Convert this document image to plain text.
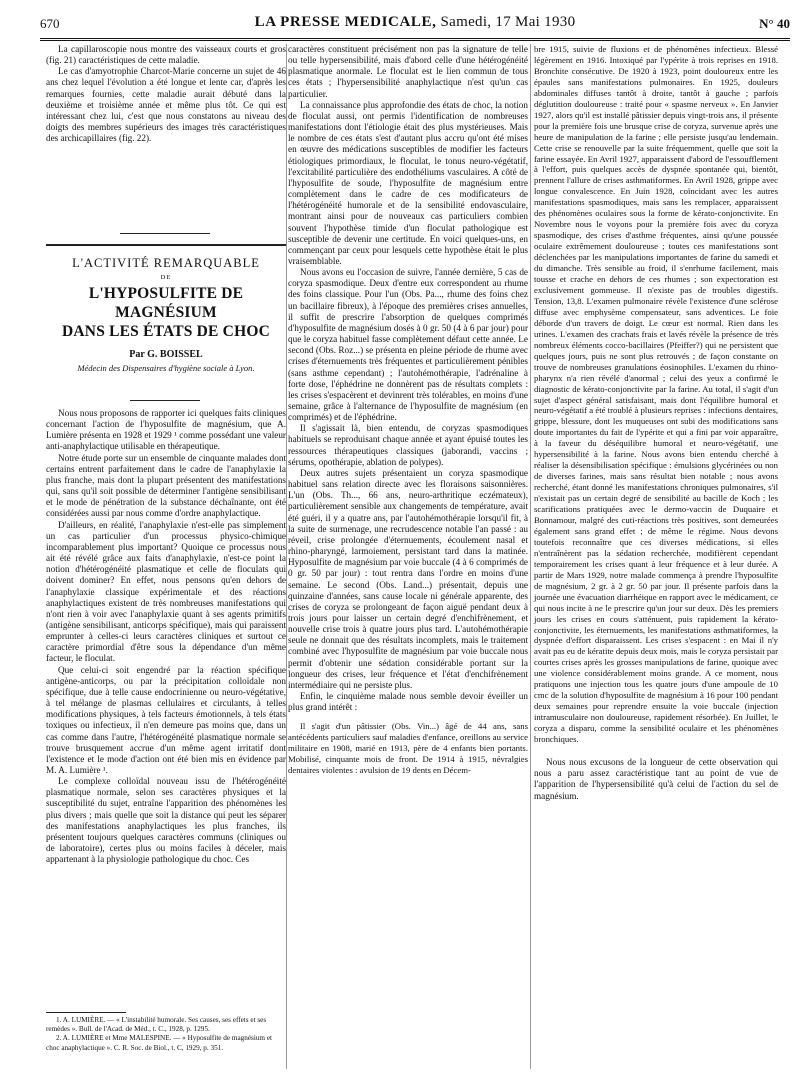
670	LA PRESSE MEDICALE, Samedi, 17 Mai 1930	N° 40

La capillaroscopie nous montre des vaisseaux courts et gros (fig. 21) caractéristiques de cette maladie.

Le cas d'amyotrophie Charcot-Marie concerne un sujet de 46 ans chez lequel l'évolution a été longue et lente car, d'après les remarques fournies, cette maladie aurait débuté dans la deuxième et troisième année et même plus tôt. Ce qui est intéressant chez lui, c'est que nous constatons au niveau des doigts des membres supérieurs des images très caractéristiques des archicapillaires (fig. 22).

L'ACTIVITÉ REMARQUABLE
DE
L'HYPOSULFITE DE MAGNÉSIUM
DANS LES ÉTATS DE CHOC
Par G. BOISSEL
Médecin des Dispensaires d'hygiène sociale à Lyon.

Nous nous proposons de rapporter ici quelques faits cliniques concernant l'action de l'hyposulfite de magnésium, que A. Lumière présenta en 1928 et 1929 ¹ comme possédant une valeur anti-anaphylactique utilisable en thérapeutique.

Notre étude porte sur un ensemble de cinquante malades dont certains entrent parfaitement dans le cadre de l'anaphylaxie la plus franche, mais dont la plupart présentent des manifestations qui, sans qu'il soit possible de déterminer l'antigène sensibilisant et le mode de pénétration de la substance déchaînante, ont été considérées aussi par nous comme d'ordre anaphylactique.

D'ailleurs, en réalité, l'anaphylaxie n'est-elle pas simplement un cas particulier d'un processus physico-chimique incomparablement plus important? Quoique ce processus nous ait été révélé grâce aux faits d'anaphylaxie, n'est-ce point la notion d'hétérogénéité plasmatique et celle de floculats qui doivent dominer? En effet, nous pensons qu'en dehors de l'anaphylaxie classique expérimentale et des réactions anaphylactiques existent de très nombreuses manifestations qui n'ont rien à voir avec l'anaphylaxie quant à ses agents primitifs (antigène sensibilisant, anticorps spécifique), mais qui paraissent emprunter à celles-ci leurs caractères cliniques et surtout ce caractère primordial d'être sous la dépendance d'un même facteur, le floculat.

Que celui-ci soit engendré par la réaction spécifique antigène-anticorps, ou par la précipitation colloïdale non spécifique, due à telle cause endocrinienne ou neuro-végétative, à tel mélange de plasmas cellulaires et circulants, à telles modifications physiques, à tels facteurs émotionnels, à tels états toxiques ou infectieux, il n'en demeure pas moins que, dans un cas comme dans l'autre, l'hétérogénéité plasmatique normale se trouve brusquement accrue d'un même agent irritatif dont l'existence et le mode d'action ont été bien mis en évidence par M. A. Lumière ¹.

Le complexe colloïdal nouveau issu de l'hétérogénéité plasmatique normale, selon ses caractères physiques et la susceptibilité du sujet, entraîne l'apparition des phénomènes les plus divers ; mais quelle que soit la distance qui peut les séparer des manifestations anaphylactiques les plus franches, ils présentent toujours quelques caractères communs (cliniques ou de laboratoire), certes plus ou moins faciles à déceler, mais appartenant à la physiologie pathologique du choc. Ces

1. A. LUMIÈRE. — « L'instabilité humorale. Ses causes, ses effets et ses remèdes ». Bull. de l'Acad. de Méd., t. C., 1928, p. 1295.

2. A. LUMIÈRE et Mme MALESPINE. — « Hyposulfite de magnésium et choc anaphylactique ». C. R. Soc. de Biol., t. C, 1929, p. 351.

caractères constituent précisément non pas la signature de telle ou telle hypersensibilité, mais d'abord celle d'une hétérogénéité plasmatique anormale. Le floculat est le lien commun de tous ces états ; l'hypersensibilité anaphylactique n'est qu'un cas particulier.

La connaissance plus approfondie des états de choc, la notion de floculat aussi, ont permis l'identification de nombreuses manifestations dont l'étiologie était des plus mystérieuses. Mais le nombre de ces états s'est d'autant plus accru qu'ont été mises en œuvre des médications susceptibles de modifier les facteurs étiologiques primordiaux, le floculat, le tonus neuro-végétatif, l'excitabilité particulière des endothéliums vasculaires. A côté de l'hyposulfite de soude, l'hyposulfite de magnésium entre complètement dans le cadre de ces modificateurs de l'hétérogénéité humorale et de la sensibilité endovasculaire, montrant ainsi pour de nouveaux cas particuliers combien souvent l'hypothèse timide d'un floculat pathologique est susceptible de devenir une certitude. En voici quelques-uns, en commençant par ceux pour lesquels cette hypothèse était le plus vraisemblable.

Nous avons eu l'occasion de suivre, l'année dernière, 5 cas de coryza spasmodique. Deux d'entre eux correspondent au rhume des foins classique. Pour l'un (Obs. Pa..., rhume des foins chez un bacillaire fibreux), à l'époque des premières crises annuelles, il suffit de prescrire l'absorption de quelques comprimés d'hyposulfite de magnésium dosés à 0 gr. 50 (4 à 6 par jour) pour que le coryza habituel fasse complètement défaut cette année. Le second (Obs. Roz...) se présenta en pleine période de rhume avec crises d'éternuements très fréquentes et particulièrement pénibles (sans asthme cependant) ; l'autohémothérapie, l'adrénaline à forte dose, l'éphédrine ne donnèrent pas de résultats complets : les crises s'espacèrent et devinrent très tolérables, en moins d'une semaine, grâce à l'alternance de l'hyposulfite de magnésium (en comprimés) et de l'éphédrine.

Il s'agissait là, bien entendu, de coryzas spasmodiques habituels se reproduisant chaque année et ayant épuisé toutes les ressources thérapeutiques classiques (jaborandi, vaccins ; sérums, opothérapie, ablation de polypes).

Deux autres sujets présentaient un coryza spasmodique habituel sans relation directe avec les floraisons saisonnières. L'un (Obs. Th..., 66 ans, neuro-arthritique eczémateux), particulièrement sensible aux changements de température, avait été guéri, il y a quatre ans, par l'autohémothérapie lorsqu'il fit, à la suite de surmenage, une recrudescence notable l'an passé : au réveil, crise prolongée d'éternuements, écoulement nasal et rhino-pharyngé, larmoiement, persistant tard dans la matinée. Hyposulfite de magnésium par voie buccale (4 à 6 comprimés de 0 gr. 50 par jour) : tout rentra dans l'ordre en moins d'une semaine. Le second (Obs. Land...) présentait, depuis une quinzaine d'années, sans cause locale ni générale apparente, des crises de coryza se prolongeant de façon aiguë pendant deux à trois jours pour laisser un certain degré d'enchifrènement, et nouvelle crise trois à quatre jours plus tard. L'autohémothérapie seule ne donnait que des résultats incomplets, mais le traitement combiné avec l'hyposulfite de magnésium par voie buccale nous permit d'obtenir une sédation considérable portant sur la longueur des crises, leur fréquence et l'état d'enchifrènement intermédiaire qui ne persiste plus.

Enfin, le cinquième malade nous semble devoir éveiller un plus grand intérêt :

Il s'agit d'un pâtissier (Obs. Vin...) âgé de 44 ans, sans antécédents particuliers sauf maladies d'enfance, oreillons au service militaire en 1908, marié en 1913, père de 4 enfants bien portants. Mobilisé, cinquante mois de front. De 1914 à 1915, névralgies dentaires violentes : avulsion de 19 dents en Décem-

bre 1915, suivie de fluxions et de phénomènes infectieux. Blessé légèrement en 1916. Intoxiqué par l'ypérite à trois reprises en 1918. Bronchite consécutive. De 1920 à 1923, point douloureux entre les épaules sans manifestations pulmonaires. En 1925, douleurs abdominales diffuses tantôt à droite, tantôt à gauche ; parfois déglutition douloureuse : traité pour « spasme nerveux ». En Janvier 1927, alors qu'il est installé pâtissier depuis vingt-trois ans, il présente pour la première fois une brusque crise de coryza, survenue après une heure de manipulation de la farine ; elle persiste jusqu'au lendemain. Cette crise se renouvelle par la suite fréquemment, quelle que soit la farine essayée. En Avril 1927, apparaissent d'abord de l'essoufflement à l'effort, puis quelques accès de dyspnée spontanée qui, bientôt, prennent l'allure de crises asthmatiformes. En Avril 1928, grippe avec longue convalescence. En Juin 1928, coïncidant avec les autres manifestations spasmodiques, mais sans les remplacer, apparaissent des phénomènes oculaires sous la forme de kérato-conjonctivite. En Novembre nous le voyons pour la première fois avec du coryza spasmodique, des crises d'asthme fréquentes, ainsi qu'une poussée oculaire extrêmement douloureuse ; toutes ces manifestations sont déclenchées par les manipulations importantes de farine du samedi et du dimanche. Très sensible au froid, il s'enrhume facilement, mais tousse et crache en dehors de ces rhumes ; son expectoration est exclusivement gommeuse. Il n'existe pas de troubles digestifs. Tension, 13,8. L'examen pulmonaire révèle l'existence d'une sclérose diffuse avec emphysème compensateur, sans adventices. Le foie déborde d'un travers de doigt. Le cœur est normal. Rien dans les urines. L'examen des crachats frais et lavés révèle la présence de très nombreux éléments cocco-bacillaires (Pfeiffer?) qui ne persistent que quelques jours, puis ne sont plus retrouvés ; de façon constante on trouve de nombreuses granulations éosinophiles. L'examen du rhino-pharynx n'a rien révélé d'anormal ; celui des yeux a confirmé le diagnostic de kérato-conjonctivite par la farine. Au total, il s'agit d'un sujet d'aspect général satisfaisant, mais dont l'équilibre humoral et neuro-végétatif a été troublé à plusieurs reprises : infections dentaires, grippe, blessure, dont les muqueuses ont subi des modifications sans doute importantes du fait de l'ypérite et qui a fini par voir apparaître, à la faveur du déséquilibre humoral et neuro-végétatif, une hypersensibilité à la farine. Nous avons bien entendu cherché à réaliser la désensibilisation spécifique : émulsions glycérinées ou non de diverses farines, mais sans résultat bien notable ; nous avons recherché, étant donné les manifestations chroniques pulmonaires, s'il n'existait pas un certain degré de sensibilité au bacille de Koch ; les scarifications pratiquées avec le dermo-vaccin de Duquaire et Bonnamour, malgré des cuti-réactions très positives, sont demeurées également sans grand effet ; de même le régime. Nous devons toutefois reconnaître que ces diverses médications, si elles n'entraînèrent pas la sédation recherchée, modifièrent cependant temporairement les crises quant à leur fréquence et à leur durée. A partir de Mars 1929, notre malade commença à prendre l'hyposulfite de magnésium, 2 gr. à 2 gr. 50 par jour. Il présente parfois dans la journée une évacuation diarrhéique en rapport avec le médicament, ce qui nous incite à ne le prescrire qu'un jour sur deux. Dès les premiers jours les crises en cours s'atténuent, puis rapidement la kérato-conjonctivite, les éternuements, les manifestations asthmatiformes, la dyspnée d'effort disparaissent. Les crises s'espacent : en Mai il n'y avait pas eu de kératite depuis deux mois, mais le coryza persistait par courtes crises après les grosses manipulations de farine, quoique avec une violence considérablement moins grande. A ce moment, nous pratiquons une injection tous les quatre jours d'une ampoule de 10 cmc de la solution d'hyposulfite de magnésium à 16 pour 100 pendant deux semaines pour reprendre ensuite la voie buccale (injection intramusculaire non douloureuse, rapidement résorbée). En Juillet, le coryza a disparu, comme la sensibilité oculaire et les phénomènes bronchiques.

Nous nous excusons de la longueur de cette observation qui nous a paru assez caractéristique tant au point de vue de l'apparition de l'hypersensibilité qu'à celui de l'action du sel de magnésium.
